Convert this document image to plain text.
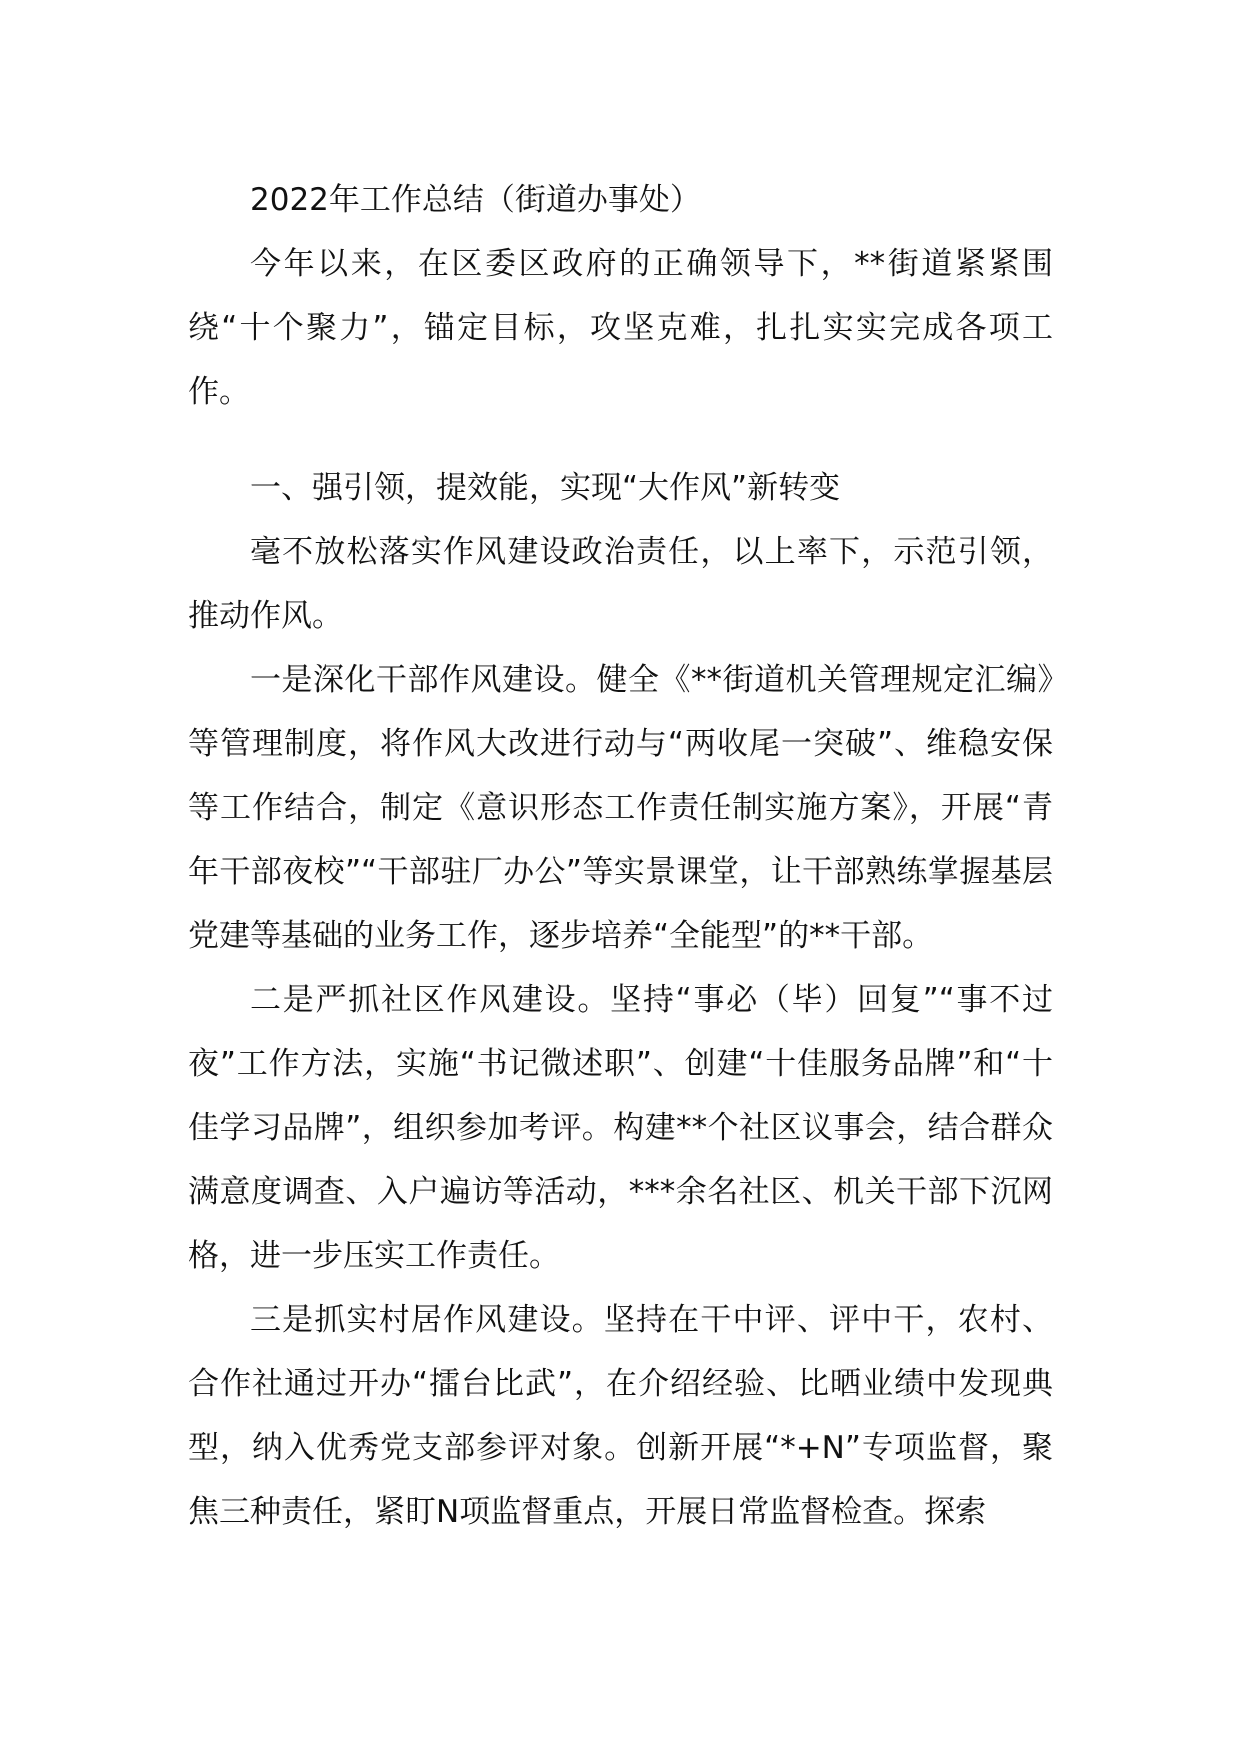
2022年工作总结（街道办事处）

今年以来，在区委区政府的正确领导下，**街道紧紧围绕“十个聚力”，锚定目标，攻坚克难，扎扎实实完成各项工作。

一、强引领，提效能，实现“大作风”新转变

毫不放松落实作风建设政治责任，以上率下，示范引领，推动作风。

一是深化干部作风建设。健全《**街道机关管理规定汇编》等管理制度，将作风大改进行动与“两收尾一突破”、维稳安保等工作结合，制定《意识形态工作责任制实施方案》，开展“青年干部夜校”“干部驻厂办公”等实景课堂，让干部熟练掌握基层党建等基础的业务工作，逐步培养“全能型”的**干部。

二是严抓社区作风建设。坚持“事必（毕）回复”“事不过夜”工作方法，实施“书记微述职”、创建“十佳服务品牌”和“十佳学习品牌”，组织参加考评。构建**个社区议事会，结合群众满意度调查、入户遍访等活动，***余名社区、机关干部下沉网格，进一步压实工作责任。

三是抓实村居作风建设。坚持在干中评、评中干，农村、合作社通过开办“擂台比武”，在介绍经验、比晒业绩中发现典型，纳入优秀党支部参评对象。创新开展“*+N”专项监督，聚焦三种责任，紧盯N项监督重点，开展日常监督检查。探索
